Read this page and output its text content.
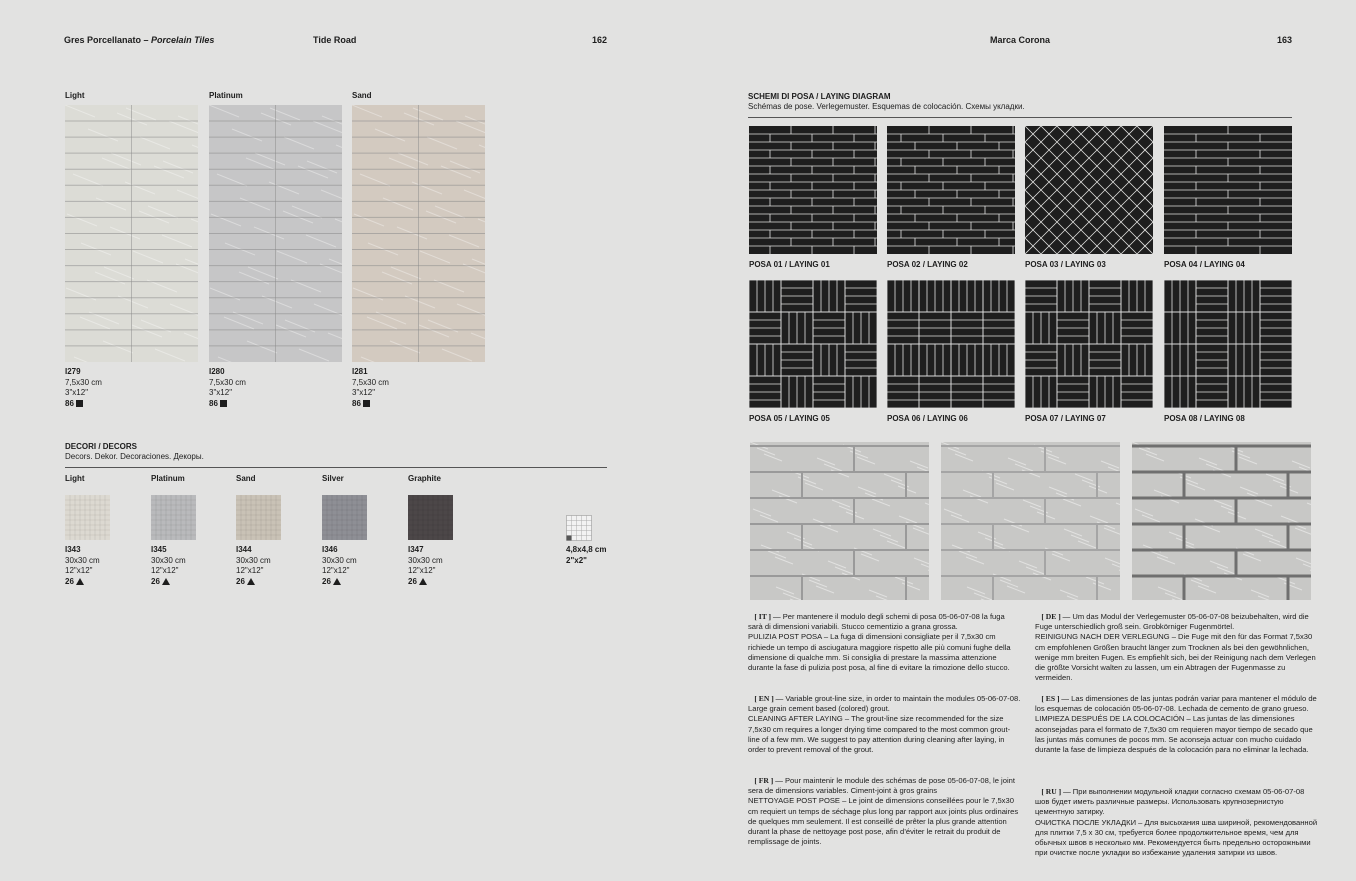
Gres Porcellanato – Porcelain Tiles	Tide Road	162
Light
I279
7,5x30 cm
3"x12"
86
Platinum
I280
7,5x30 cm
3"x12"
86
Sand
I281
7,5x30 cm
3"x12"
86
DECORI / DECORS
Decors. Dekor. Decoraciones. Декоры.
Light
I343
30x30 cm
12"x12"
26
Platinum
I345
30x30 cm
12"x12"
26
Sand
I344
30x30 cm
12"x12"
26
Silver
I346
30x30 cm
12"x12"
26
Graphite
I347
30x30 cm
12"x12"
26
4,8x4,8 cm
2"x2"
Marca Corona	163
SCHEMI DI POSA / LAYING DIAGRAM
Schémas de pose. Verlegemuster. Esquemas de colocación. Схемы укладки.
POSA 01 / LAYING 01	POSA 02 / LAYING 02	POSA 03 / LAYING 03	POSA 04 / LAYING 04
POSA 05 / LAYING 05	POSA 06 / LAYING 06	POSA 07 / LAYING 07	POSA 08 / LAYING 08
[ IT ] — Per mantenere il modulo degli schemi di posa 05-06-07-08 la fuga sarà di dimensioni variabili. Stucco cementizio a grana grossa.
PULIZIA POST POSA – La fuga di dimensioni consigliate per il 7,5x30 cm richiede un tempo di asciugatura maggiore rispetto alle più comuni fughe della dimensione di qualche mm. Si consiglia di prestare la massima attenzione durante la fase di pulizia post posa, al fine di evitare la rimozione dello stucco.
[ EN ] — Variable grout-line size, in order to maintain the modules 05-06-07-08. Large grain cement based (colored) grout.
CLEANING AFTER LAYING – The grout-line size recommended for the size 7,5x30 cm requires a longer drying time compared to the most common grout-line of a few mm. We suggest to pay attention during cleaning after laying, in order to prevent removal of the grout.
[ FR ] — Pour maintenir le module des schémas de pose 05-06-07-08, le joint sera de dimensions variables. Ciment-joint à gros grains
NETTOYAGE POST POSE – Le joint de dimensions conseillées pour le 7,5x30 cm requiert un temps de séchage plus long par rapport aux joints plus ordinaires de quelques mm seulement. Il est conseillé de prêter la plus grande attention durant la phase de nettoyage post pose, afin d’éviter le retrait du produit de remplissage de joints.
[ DE ] — Um das Modul der Verlegemuster 05-06-07-08 beizubehalten, wird die Fuge unterschiedlich groß sein. Grobkörniger Fugenmörtel.
REINIGUNG NACH DER VERLEGUNG – Die Fuge mit den für das Format 7,5x30 cm empfohlenen Größen braucht länger zum Trocknen als bei den gewöhnlichen, wenige mm breiten Fugen. Es empfiehlt sich, bei der Reinigung nach dem Verlegen die größte Vorsicht walten zu lassen, um ein Abtragen der Fugenmasse zu vermeiden.
[ ES ] — Las dimensiones de las juntas podrán variar para mantener el módulo de los esquemas de colocación 05-06-07-08. Lechada de cemento de grano grueso.
LIMPIEZA DESPUÉS DE LA COLOCACIÓN – Las juntas de las dimensiones aconsejadas para el formato de 7,5x30 cm requieren mayor tiempo de secado que las juntas más comunes de pocos mm. Se aconseja actuar con mucho cuidado durante la fase de limpieza después de la colocación para no eliminar la lechada.
[ RU ] — При выполнении модульной кладки согласно схемам 05-06-07-08 шов будет иметь различные размеры. Использовать крупнозернистую цементную затирку.
ОЧИСТКА ПОСЛЕ УКЛАДКИ – Для высыхания шва шириной, рекомендованной для плитки 7,5 х 30 см, требуется более продолжительное время, чем для обычных швов в несколько мм. Рекомендуется быть предельно осторожными при очистке после укладки во избежание удаления затирки из швов.
